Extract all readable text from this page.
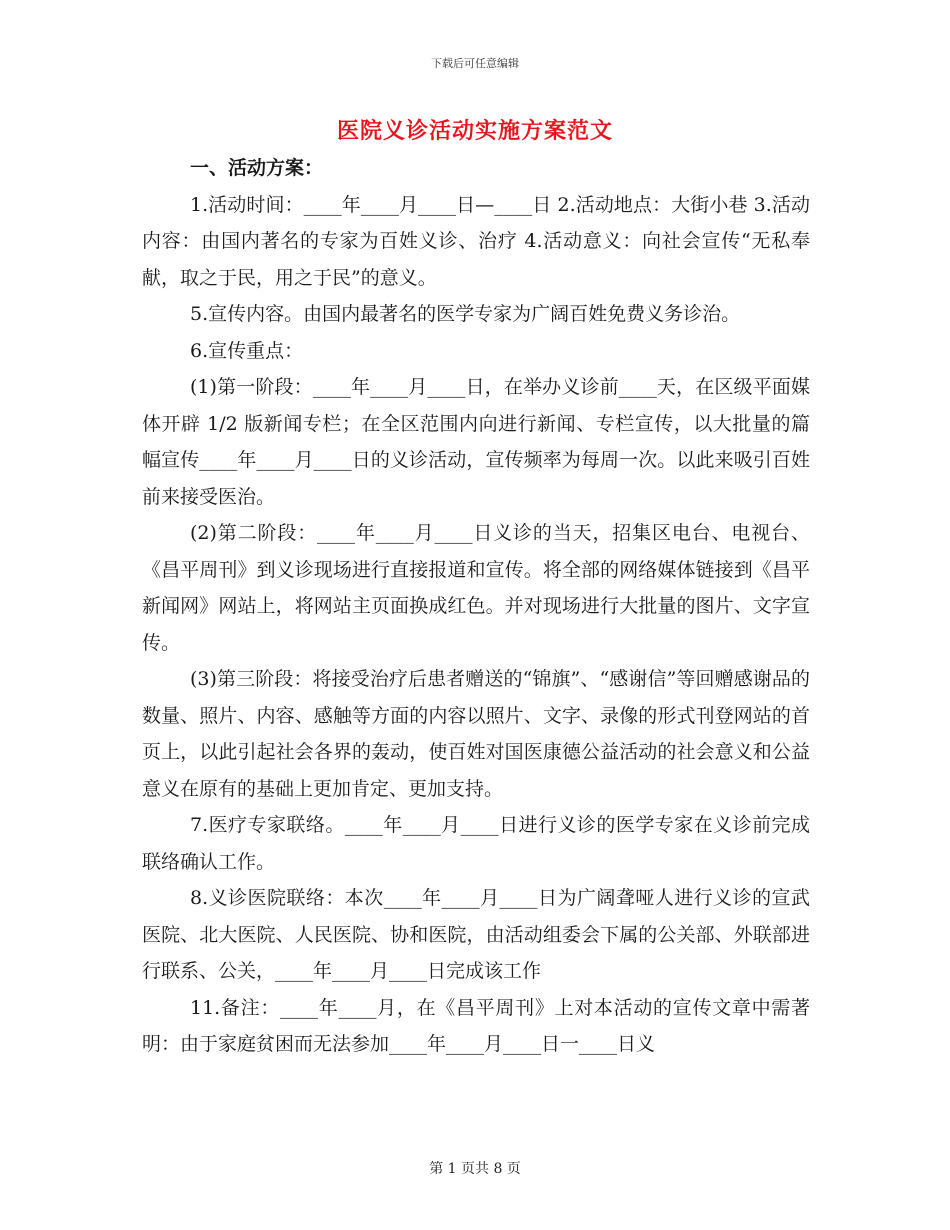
下载后可任意编辑
医院义诊活动实施方案范文

一、活动方案：

1.活动时间：____年____月____日—____日 2.活动地点：大街小巷 3.活动内容：由国内著名的专家为百姓义诊、治疗 4.活动意义：向社会宣传“无私奉献，取之于民，用之于民”的意义。

5.宣传内容。由国内最著名的医学专家为广阔百姓免费义务诊治。

6.宣传重点：

(1)第一阶段：____年____月____日，在举办义诊前____天，在区级平面媒体开辟 1/2 版新闻专栏；在全区范围内向进行新闻、专栏宣传，以大批量的篇幅宣传____年____月____日的义诊活动，宣传频率为每周一次。以此来吸引百姓前来接受医治。

(2)第二阶段：____年____月____日义诊的当天，招集区电台、电视台、《昌平周刊》到义诊现场进行直接报道和宣传。将全部的网络媒体链接到《昌平新闻网》网站上，将网站主页面换成红色。并对现场进行大批量的图片、文字宣传。

(3)第三阶段：将接受治疗后患者赠送的“锦旗”、“感谢信”等回赠感谢品的数量、照片、内容、感触等方面的内容以照片、文字、录像的形式刊登网站的首页上，以此引起社会各界的轰动，使百姓对国医康德公益活动的社会意义和公益意义在原有的基础上更加肯定、更加支持。

7.医疗专家联络。____年____月____日进行义诊的医学专家在义诊前完成联络确认工作。

8.义诊医院联络：本次____年____月____日为广阔聋哑人进行义诊的宣武医院、北大医院、人民医院、协和医院，由活动组委会下属的公关部、外联部进行联系、公关，____年____月____日完成该工作

11.备注：____年____月，在《昌平周刊》上对本活动的宣传文章中需著明：由于家庭贫困而无法参加____年____月____日一____日义

第 1 页共 8 页
